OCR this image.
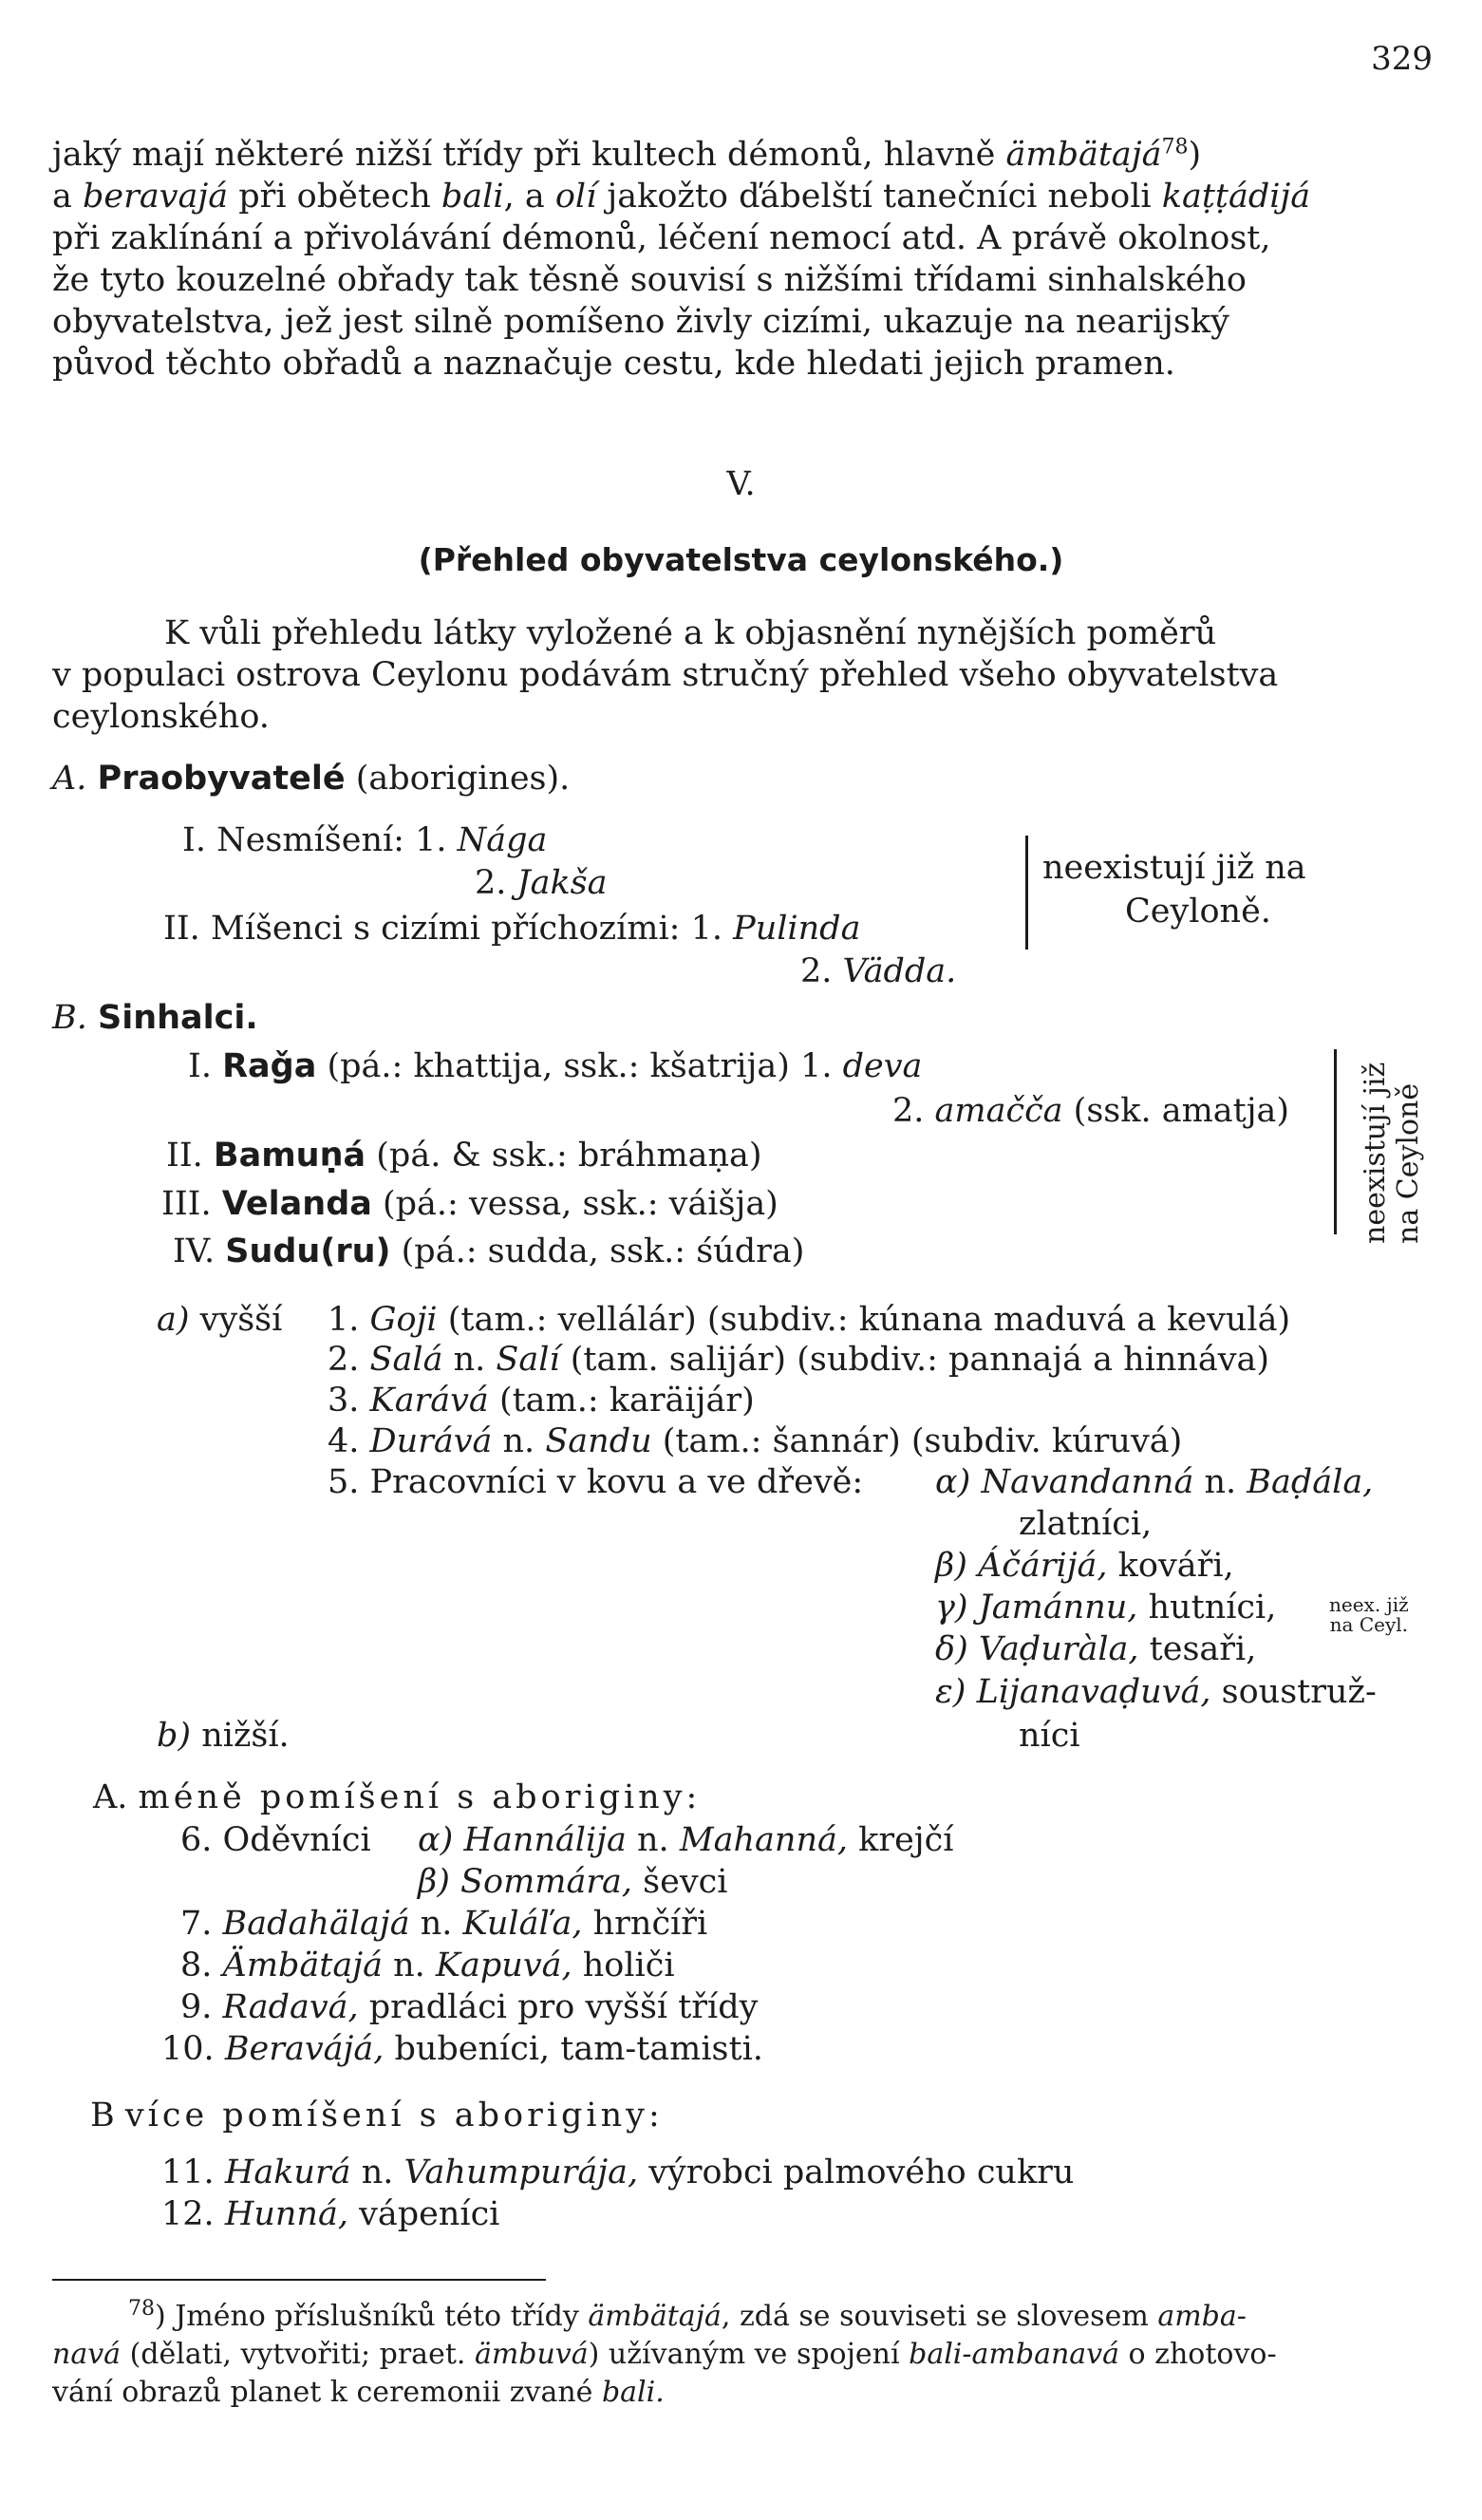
329
jaký mají některé nižší třídy při kultech démonů, hlavně ämbätajá$^{78}$)
a beravajá při obětech bali, a olí jakožto ďábelští tanečníci neboli kaṭṭádijá
při zaklínání a přivolávání démonů, léčení nemocí atd. A právě okolnost,
že tyto kouzelné obřady tak těsně souvisí s nižšími třídami sinhalského
obyvatelstva, jež jest silně pomíšeno živly cizími, ukazuje na nearijský
původ těchto obřadů a naznačuje cestu, kde hledati jejich pramen.
V.
(Přehled obyvatelstva ceylonského.)
K vůli přehledu látky vyložené a k objasnění nynějších poměrů
v populaci ostrova Ceylonu podávám stručný přehled všeho obyvatelstva
ceylonského.
A. Praobyvatelé (aborigines).
I. Nesmíšení: 1. Nága
2. Jakša
II. Míšenci s cizími příchozími: 1. Pulinda
2. Vädda.
neexistují již na
Ceyloně.
B. Sinhalci.
I. Raǧa (pá.: khattija, ssk.: kšatrija) 1. deva
2. amačča (ssk. amatja)
II. Bamuṇá (pá. & ssk.: bráhmaṇa)
III. Velanda (pá.: vessa, ssk.: váišja)
IV. Sudu(ru) (pá.: sudda, ssk.: śúdra)
neexistují již na Ceyloně
a) vyšší 1. Goji (tam.: vellálár) (subdiv.: kúnana maduvá a kevulá)
2. Salá n. Salí (tam. salijár) (subdiv.: pannajá a hinnáva)
3. Karává (tam.: karäijár)
4. Durává n. Sandu (tam.: šannár) (subdiv. kúruvá)
5. Pracovníci v kovu a ve dřevě: α) Navandanná n. Baḍála,
zlatníci,
β) Áčárijá, kováři,
γ) Jamánnu, hutníci,	neex. již
na Ceyl.
δ) Vaḍuràla, tesaři,
ε) Lijanavaḍuvá, soustruž-
b) nižší.	níci
A. méně pomíšení s aboriginy:
6. Oděvníci α) Hannálija n. Mahanná, krejčí
β) Sommára, ševci
7. Badahälajá n. Kuláľa, hrnčíři
8. Ämbätajá n. Kapuvá, holiči
9. Radavá, pradláci pro vyšší třídy
10. Beravájá, bubeníci, tam-tamisti.
B více pomíšení s aboriginy:
11. Hakurá n. Vahumpurája, výrobci palmového cukru
12. Hunná, vápeníci
$^{78}$) Jméno příslušníků této třídy ämbätajá, zdá se souviseti se slovesem amba-
navá (dělati, vytvořiti; praet. ämbuvá) užívaným ve spojení bali-ambanavá o zhotovo-
vání obrazů planet k ceremonii zvané bali.
